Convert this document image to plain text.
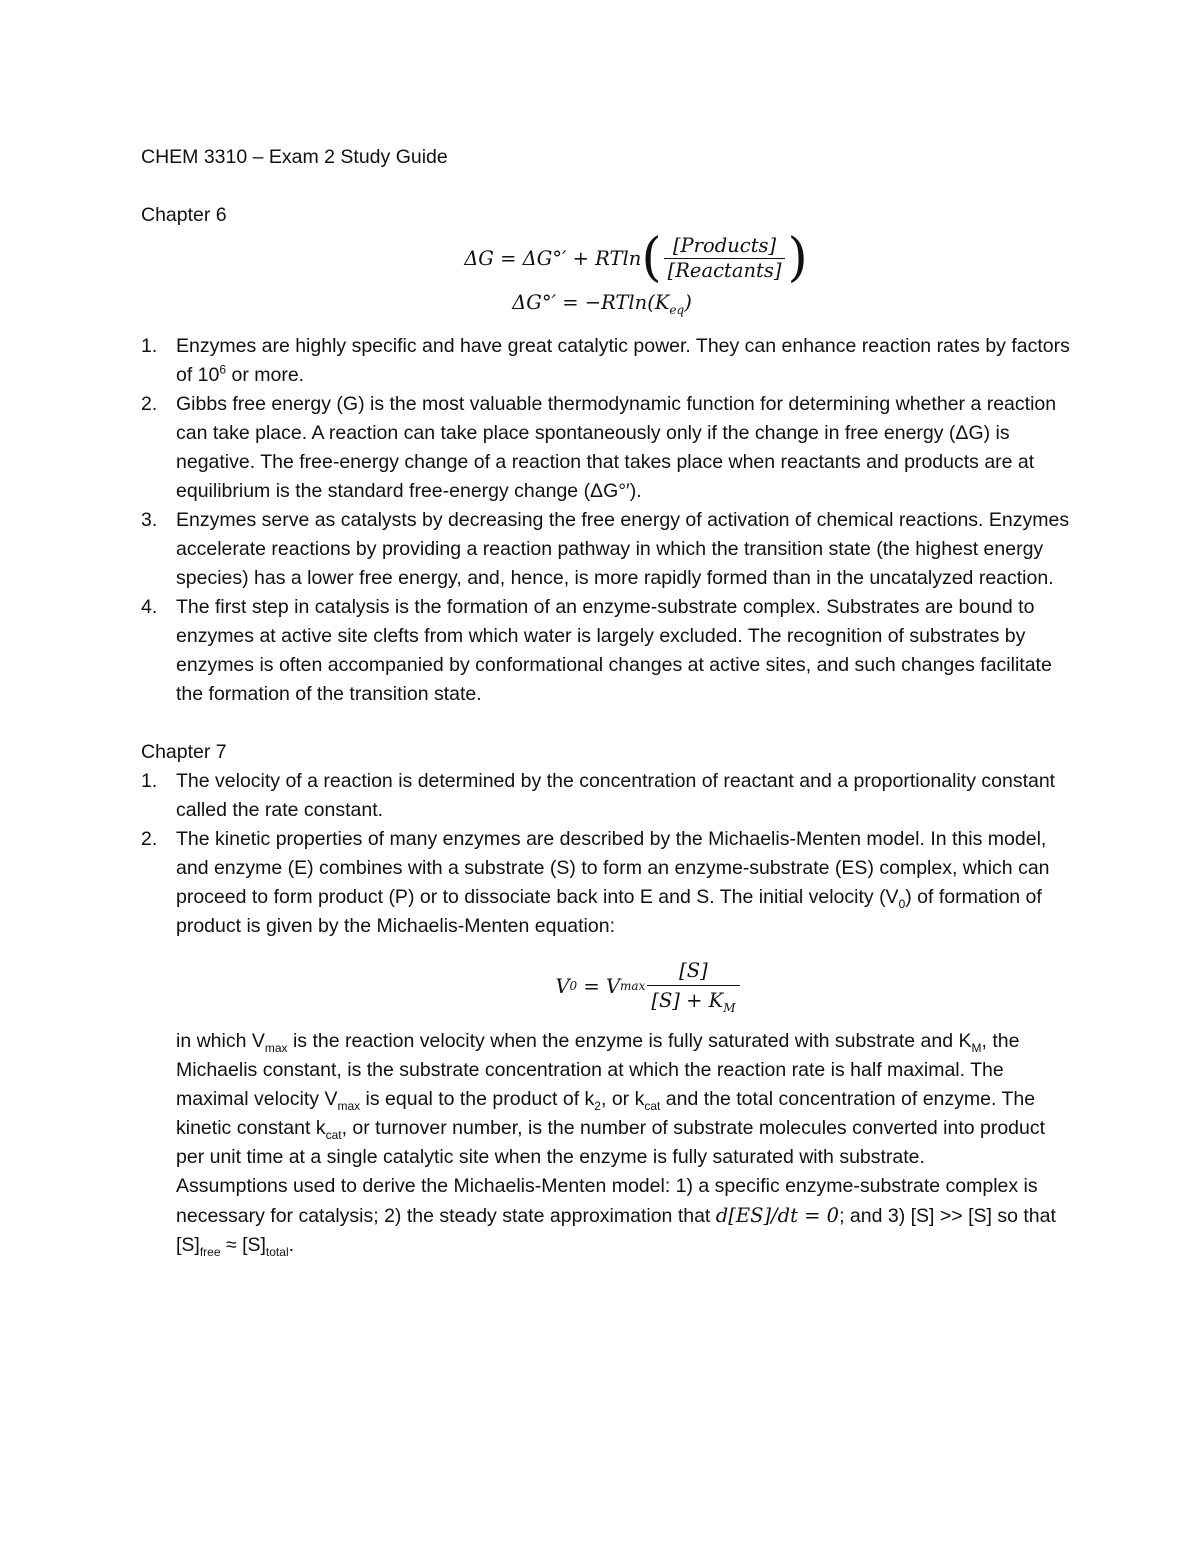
CHEM 3310 – Exam 2 Study Guide

Chapter 6

ΔG = ΔG°′ + RTln ( $\frac{\text{[Products]}}{\text{[Reactants]}}$ )
$\Delta G^\circ' = -RTln(K_{eq})$
1. Enzymes are highly specific and have great catalytic power. They can enhance reaction rates by factors of $10^6$ or more.
2. Gibbs free energy (G) is the most valuable thermodynamic function for determining whether a reaction can take place. A reaction can take place spontaneously only if the change in free energy (ΔG) is negative. The free-energy change of a reaction that takes place when reactants and products are at equilibrium is the standard free-energy change (ΔG°′).
3. Enzymes serve as catalysts by decreasing the free energy of activation of chemical reactions. Enzymes accelerate reactions by providing a reaction pathway in which the transition state (the highest energy species) has a lower free energy, and, hence, is more rapidly formed than in the uncatalyzed reaction.
4. The first step in catalysis is the formation of an enzyme-substrate complex. Substrates are bound to enzymes at active site clefts from which water is largely excluded. The recognition of substrates by enzymes is often accompanied by conformational changes at active sites, and such changes facilitate the formation of the transition state.

Chapter 7

1. The velocity of a reaction is determined by the concentration of reactant and a proportionality constant called the rate constant.
2. The kinetic properties of many enzymes are described by the Michaelis-Menten model. In this model, and enzyme (E) combines with a substrate (S) to form an enzyme-substrate (ES) complex, which can proceed to form product (P) or to dissociate back into E and S. The initial velocity $(V_0)$ of formation of product is given by the Michaelis-Menten equation:
V 0 = V $\max \frac{[S]}{[S] + K_M}$

in which $V_{max}$ is the reaction velocity when the enzyme is fully saturated with substrate and $K_M$, the Michaelis constant, is the substrate concentration at which the reaction rate is half maximal. The maximal velocity $V_{max}$ is equal to the product of $k_2$, or $k_{cat}$ and the total concentration of enzyme. The kinetic constant $k_{cat}$, or turnover number, is the number of substrate molecules converted into product per unit time at a single catalytic site when the enzyme is fully saturated with substrate.

Assumptions used to derive the Michaelis-Menten model: 1) a specific enzyme-substrate complex is necessary for catalysis; 2) the steady state approximation that d[ES]/dt = 0; and 3) [S] >> [S] so that $[S]_{free} \approx [S]_{total}$.
